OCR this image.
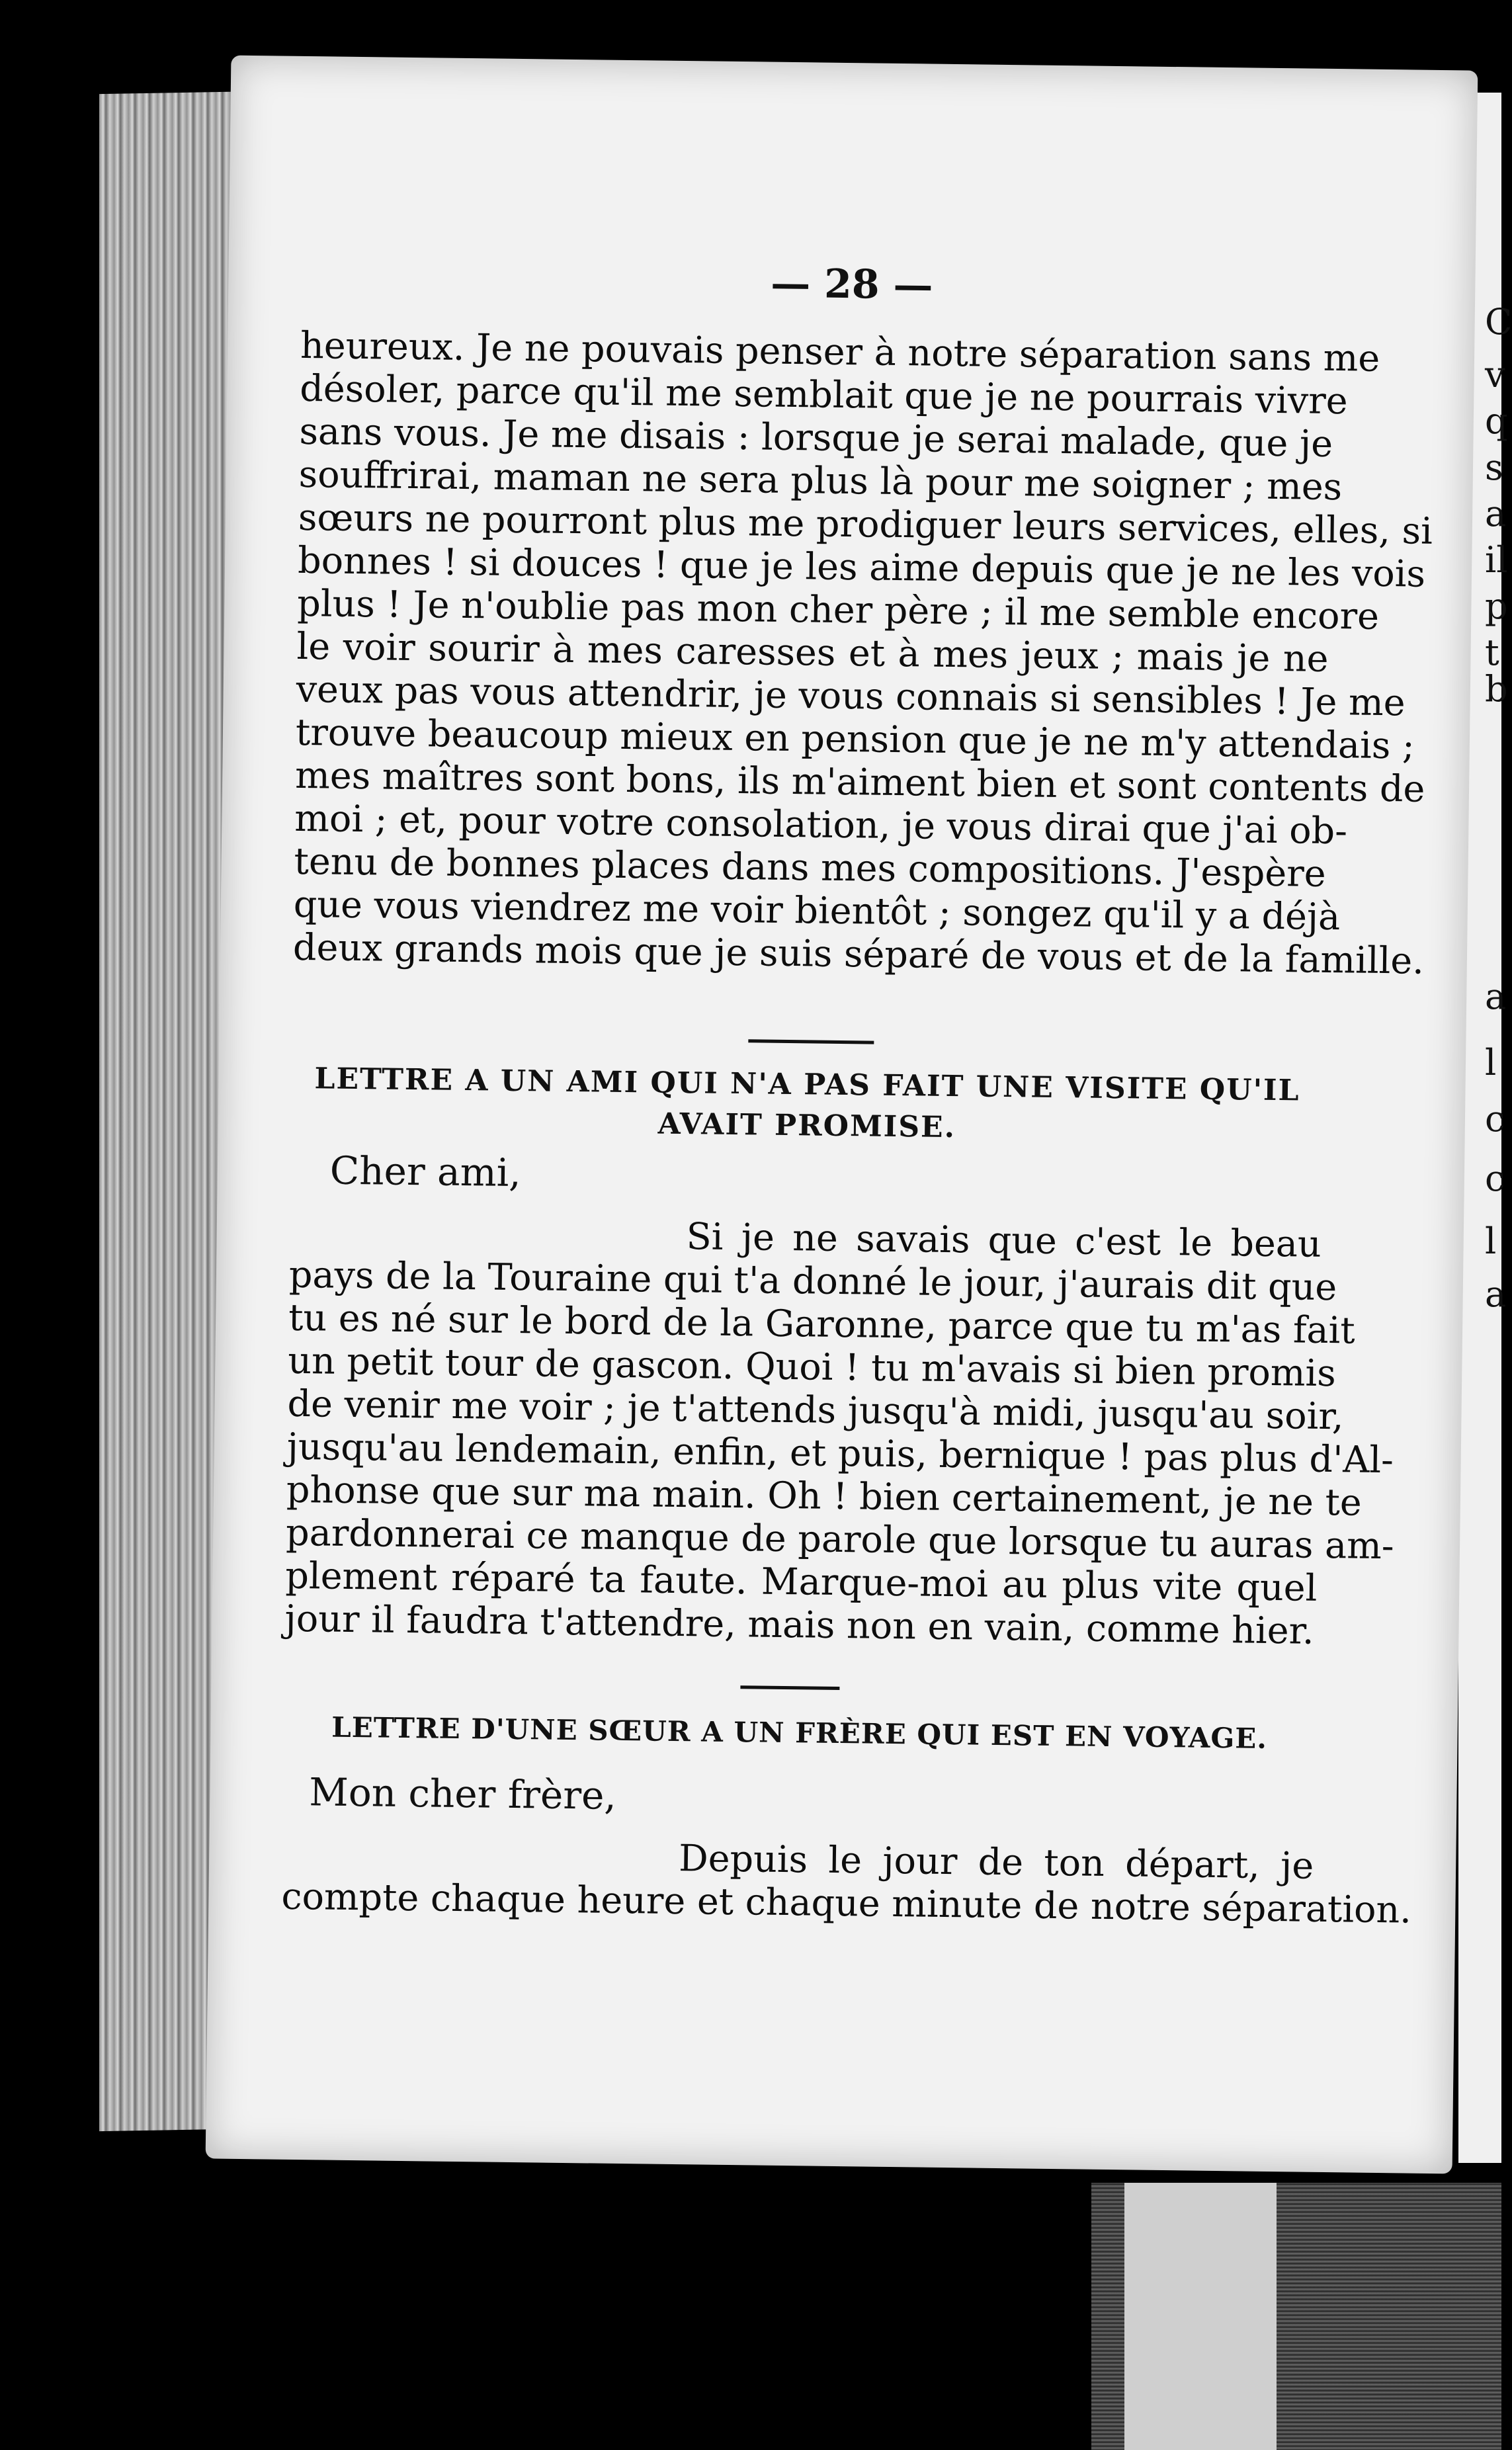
C
v
q
s
a
il
p
t
b
a
l
c
c
l
a
— 28 —
heureux. Je ne pouvais penser à notre séparation sans me
désoler, parce qu'il me semblait que je ne pourrais vivre
sans vous. Je me disais : lorsque je serai malade, que je
souffrirai, maman ne sera plus là pour me soigner ; mes
sœurs ne pourront plus me prodiguer leurs services, elles, si
bonnes ! si douces ! que je les aime depuis que je ne les vois
plus ! Je n'oublie pas mon cher père ; il me semble encore
le voir sourir à mes caresses et à mes jeux ; mais je ne
veux pas vous attendrir, je vous connais si sensibles ! Je me
trouve beaucoup mieux en pension que je ne m'y attendais ;
mes maîtres sont bons, ils m'aiment bien et sont contents de
moi ; et, pour votre consolation, je vous dirai que j'ai ob-
tenu de bonnes places dans mes compositions. J'espère
que vous viendrez me voir bientôt ; songez qu'il y a déjà
deux grands mois que je suis séparé de vous et de la famille.
LETTRE A UN AMI QUI N'A PAS FAIT UNE VISITE QU'IL
AVAIT PROMISE.
Cher ami,
Si je ne savais que c'est le beau
pays de la Touraine qui t'a donné le jour, j'aurais dit que
tu es né sur le bord de la Garonne, parce que tu m'as fait
un petit tour de gascon. Quoi ! tu m'avais si bien promis
de venir me voir ; je t'attends jusqu'à midi, jusqu'au soir,
jusqu'au lendemain, enfin, et puis, bernique ! pas plus d'Al-
phonse que sur ma main. Oh ! bien certainement, je ne te
pardonnerai ce manque de parole que lorsque tu auras am-
plement réparé ta faute. Marque-moi au plus vite quel
jour il faudra t'attendre, mais non en vain, comme hier.
LETTRE D'UNE SŒUR A UN FRÈRE QUI EST EN VOYAGE.
Mon cher frère,
Depuis le jour de ton départ, je
compte chaque heure et chaque minute de notre séparation.
